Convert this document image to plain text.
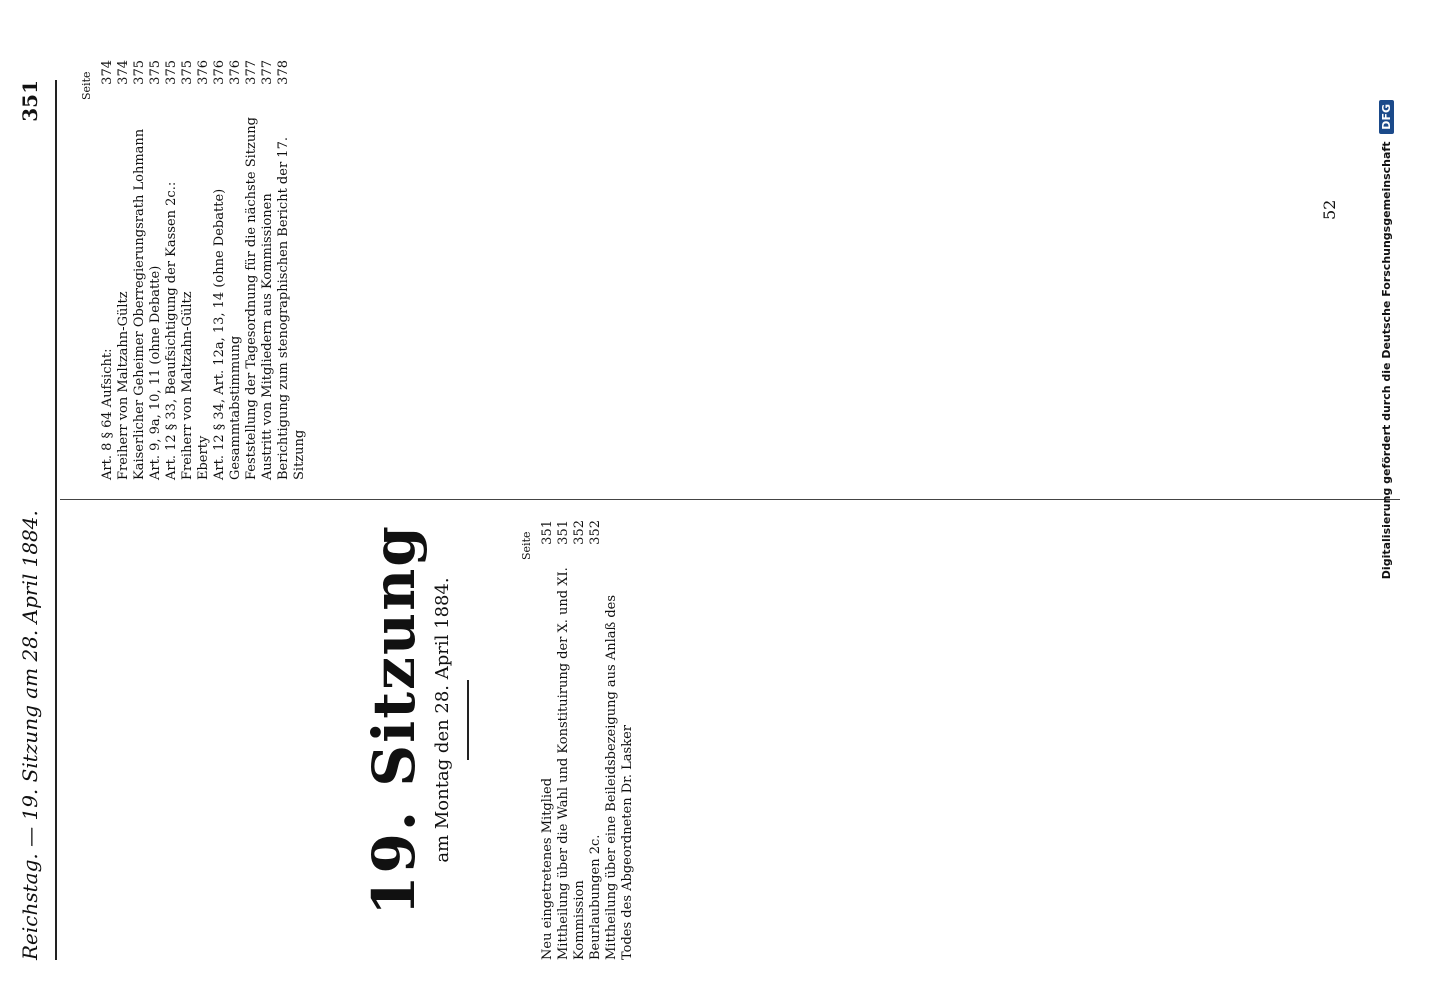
Reichstag. — 19. Sitzung am 28. April 1884.
351
19. Sitzung am Montag den 28. April 1884.
Seite
Neu eingetretenes Mitglied Mittheilung über die Wahl und Konstituirung der X. und XI. Kommission Beurlaubungen 2c. Mittheilung über eine Beileidsbezeigung aus Anlaß des Todes des Abgeordneten Dr. Lasker
351 351 352 352
Seite
Art. 8 § 64 Aufsicht: Freiherr von Maltzahn-Gültz Kaiserlicher Geheimer Oberregierungsrath Lohmann Art. 9, 9a, 10, 11 (ohne Debatte) Art. 12 § 33, Beaufsichtigung der Kassen 2c.: Freiherr von Maltzahn-Gültz Eberty Art. 12 § 34, Art. 12a, 13, 14 (ohne Debatte) Gesammtabstimmung Feststellung der Tagesordnung für die nächste Sitzung Austritt von Mitgliedern aus Kommissionen Berichtigung zum stenographischen Bericht der 17. Sitzung
374 374 375 375 375 375 376 376 376 377 377 378
52	Digitalisierung gefördert durch die Deutsche Forschungsgemeinschaft DFG
